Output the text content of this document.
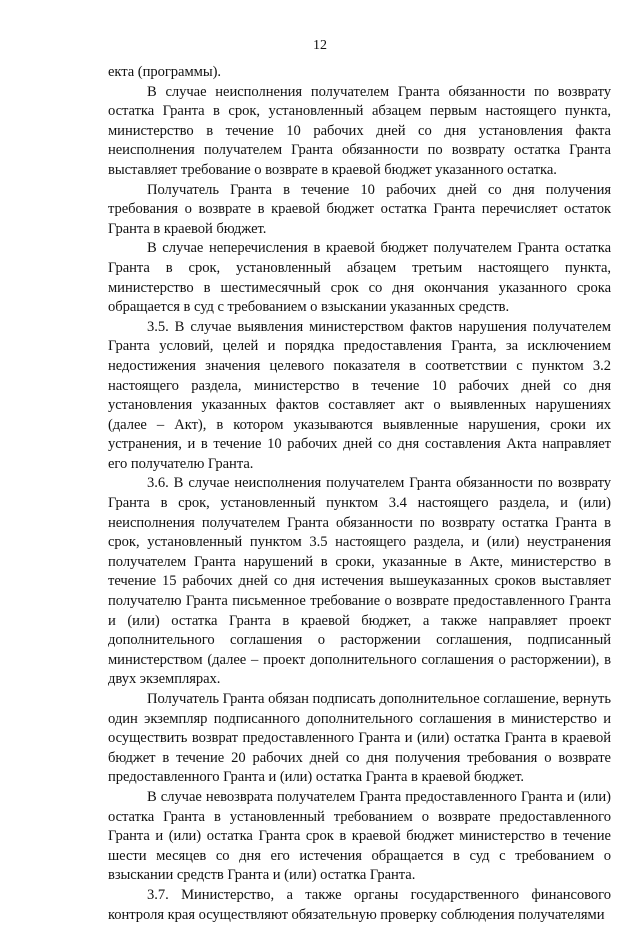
12

екта (программы).

В случае неисполнения получателем Гранта обязанности по возврату остатка Гранта в срок, установленный абзацем первым настоящего пункта, министерство в течение 10 рабочих дней со дня установления факта неисполнения получателем Гранта обязанности по возврату остатка Гранта выставляет требование о возврате в краевой бюджет указанного остатка.

Получатель Гранта в течение 10 рабочих дней со дня получения требования о возврате в краевой бюджет остатка Гранта перечисляет остаток Гранта в краевой бюджет.

В случае неперечисления в краевой бюджет получателем Гранта остатка Гранта в срок, установленный абзацем третьим настоящего пункта, министерство в шестимесячный срок со дня окончания указанного срока обращается в суд с требованием о взыскании указанных средств.

3.5. В случае выявления министерством фактов нарушения получателем Гранта условий, целей и порядка предоставления Гранта, за исключением недостижения значения целевого показателя в соответствии с пунктом 3.2 настоящего раздела, министерство в течение 10 рабочих дней со дня установления указанных фактов составляет акт о выявленных нарушениях (далее – Акт), в котором указываются выявленные нарушения, сроки их устранения, и в течение 10 рабочих дней со дня составления Акта направляет его получателю Гранта.

3.6. В случае неисполнения получателем Гранта обязанности по возврату Гранта в срок, установленный пунктом 3.4 настоящего раздела, и (или) неисполнения получателем Гранта обязанности по возврату остатка Гранта в срок, установленный пунктом 3.5 настоящего раздела, и (или) неустранения получателем Гранта нарушений в сроки, указанные в Акте, министерство в течение 15 рабочих дней со дня истечения вышеуказанных сроков выставляет получателю Гранта письменное требование о возврате предоставленного Гранта и (или) остатка Гранта в краевой бюджет, а также направляет проект дополнительного соглашения о расторжении соглашения, подписанный министерством (далее – проект дополнительного соглашения о расторжении), в двух экземплярах.

Получатель Гранта обязан подписать дополнительное соглашение, вернуть один экземпляр подписанного дополнительного соглашения в министерство и осуществить возврат предоставленного Гранта и (или) остатка Гранта в краевой бюджет в течение 20 рабочих дней со дня получения требования о возврате предоставленного Гранта и (или) остатка Гранта в краевой бюджет.

В случае невозврата получателем Гранта предоставленного Гранта и (или) остатка Гранта в установленный требованием о возврате предоставленного Гранта и (или) остатка Гранта срок в краевой бюджет министерство в течение шести месяцев со дня его истечения обращается в суд с требованием о взыскании средств Гранта и (или) остатка Гранта.

3.7. Министерство, а также органы государственного финансового контроля края осуществляют обязательную проверку соблюдения получателями
